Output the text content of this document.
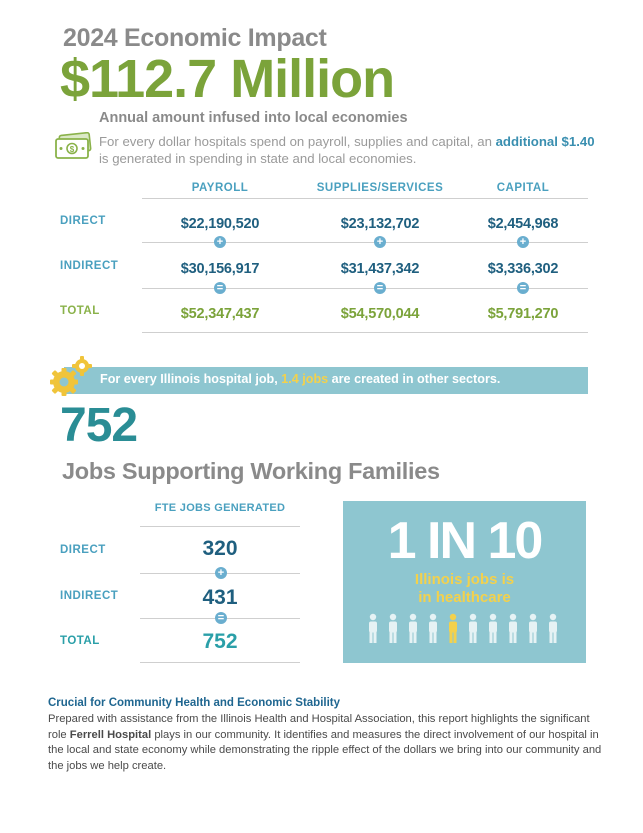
2024 Economic Impact
$112.7 Million
Annual amount infused into local economies
$
For every dollar hospitals spend on payroll, supplies and capital, an additional $1.40 is generated in spending in state and local economies.
PAYROLL	SUPPLIES/SERVICES	CAPITAL
DIRECT	$22,190,520	$23,132,702	$2,454,968
+	+	+
INDIRECT	$30,156,917	$31,437,342	$3,336,302
=	=	=
TOTAL	$52,347,437	$54,570,044	$5,791,270
For every Illinois hospital job, 1.4 jobs are created in other sectors.
752
Jobs Supporting Working Families
FTE JOBS GENERATED
DIRECT	320
+
INDIRECT	431
=
TOTAL	752
1 IN 10
Illinois jobs is
in healthcare
Crucial for Community Health and Economic Stability
Prepared with assistance from the Illinois Health and Hospital Association, this report highlights the significant role Ferrell Hospital plays in our community. It identifies and measures the direct involvement of our hospital in the local and state economy while demonstrating the ripple effect of the dollars we bring into our community and the jobs we help create.
